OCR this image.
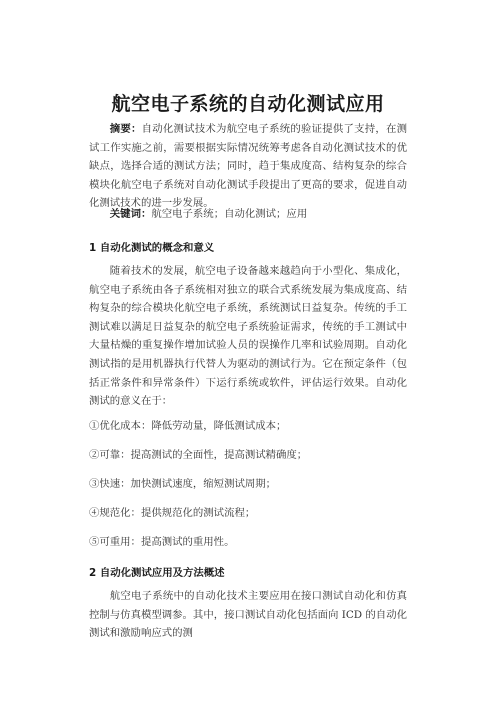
航空电子系统的自动化测试应用

摘要：自动化测试技术为航空电子系统的验证提供了支持，在测试工作实施之前，需要根据实际情况统筹考虑各自动化测试技术的优缺点，选择合适的测试方法；同时，趋于集成度高、结构复杂的综合模块化航空电子系统对自动化测试手段提出了更高的要求，促进自动化测试技术的进一步发展。

关键词：航空电子系统；自动化测试；应用

1 自动化测试的概念和意义

随着技术的发展，航空电子设备越来越趋向于小型化、集成化，航空电子系统由各子系统相对独立的联合式系统发展为集成度高、结构复杂的综合模块化航空电子系统，系统测试日益复杂。传统的手工测试难以满足日益复杂的航空电子系统验证需求，传统的手工测试中大量枯燥的重复操作增加试验人员的误操作几率和试验周期。自动化测试指的是用机器执行代替人为驱动的测试行为。它在预定条件（包括正常条件和异常条件）下运行系统或软件，评估运行效果。自动化测试的意义在于：

①优化成本：降低劳动量，降低测试成本；

②可靠：提高测试的全面性，提高测试精确度；

③快速：加快测试速度，缩短测试周期；

④规范化：提供规范化的测试流程；

⑤可重用：提高测试的重用性。

2 自动化测试应用及方法概述

航空电子系统中的自动化技术主要应用在接口测试自动化和仿真控制与仿真模型调参。其中，接口测试自动化包括面向 ICD 的自动化测试和激励响应式的测
